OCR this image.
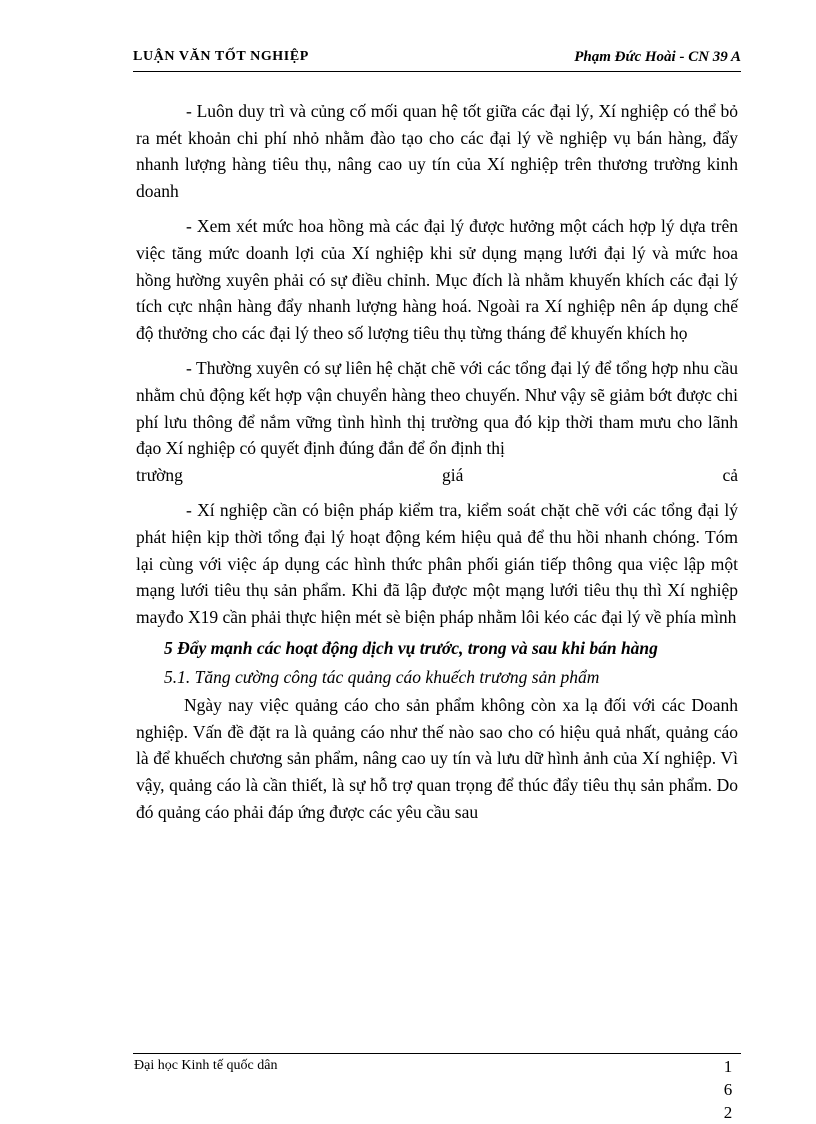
LUẬN VĂN TỐT NGHIỆP	Phạm Đức Hoài - CN 39 A

- Luôn duy trì và củng cố mối quan hệ tốt giữa các đại lý, Xí nghiệp có thể bỏ ra mét khoản chi phí nhỏ nhằm đào tạo cho các đại lý về nghiệp vụ bán hàng, đẩy nhanh lượng hàng tiêu thụ, nâng cao uy tín của Xí nghiệp trên thương trường kinh doanh

- Xem xét mức hoa hồng mà các đại lý được hưởng một cách hợp lý dựa trên việc tăng mức doanh lợi của Xí nghiệp khi sử dụng mạng lưới đại lý và mức hoa hồng hường xuyên phải có sự điều chỉnh. Mục đích là nhằm khuyến khích các đại lý tích cực nhận hàng đẩy nhanh lượng hàng hoá. Ngoài ra Xí nghiệp nên áp dụng chế độ thưởng cho các đại lý theo số lượng tiêu thụ từng tháng để khuyến khích họ

- Thường xuyên có sự liên hệ chặt chẽ với các tổng đại lý để tổng hợp nhu cầu nhằm chủ động kết hợp vận chuyển hàng theo chuyến. Như vậy sẽ giảm bớt được chi phí lưu thông để nắm vững tình hình thị trường qua đó kịp thời tham mưu cho lãnh đạo Xí nghiệp có quyết định đúng đắn để ổn định thị

trường	giá	cả

- Xí nghiệp cần có biện pháp kiểm tra, kiểm soát chặt chẽ với các tổng đại lý phát hiện kịp thời tổng đại lý hoạt động kém hiệu quả để thu hồi nhanh chóng. Tóm lại cùng với việc áp dụng các hình thức phân phối gián tiếp thông qua việc lập một mạng lưới tiêu thụ sản phẩm. Khi đã lập được một mạng lưới tiêu thụ thì Xí nghiệp mayđo X19 cần phải thực hiện mét sè biện pháp nhằm lôi kéo các đại lý về phía mình

5 Đẩy mạnh các hoạt động dịch vụ trước, trong và sau khi bán hàng
5.1. Tăng cường công tác quảng cáo khuếch trương sản phẩm

Ngày nay việc quảng cáo cho sản phẩm không còn xa lạ đối với các Doanh nghiệp. Vấn đề đặt ra là quảng cáo như thế nào sao cho có hiệu quả nhất, quảng cáo là để khuếch chương sản phẩm, nâng cao uy tín và lưu dữ hình ảnh của Xí nghiệp. Vì vậy, quảng cáo là cần thiết, là sự hỗ trợ quan trọng để thúc đẩy tiêu thụ sản phẩm. Do đó quảng cáo phải đáp ứng được các yêu cầu sau

Đại học Kinh tế quốc dân	1
6
2
